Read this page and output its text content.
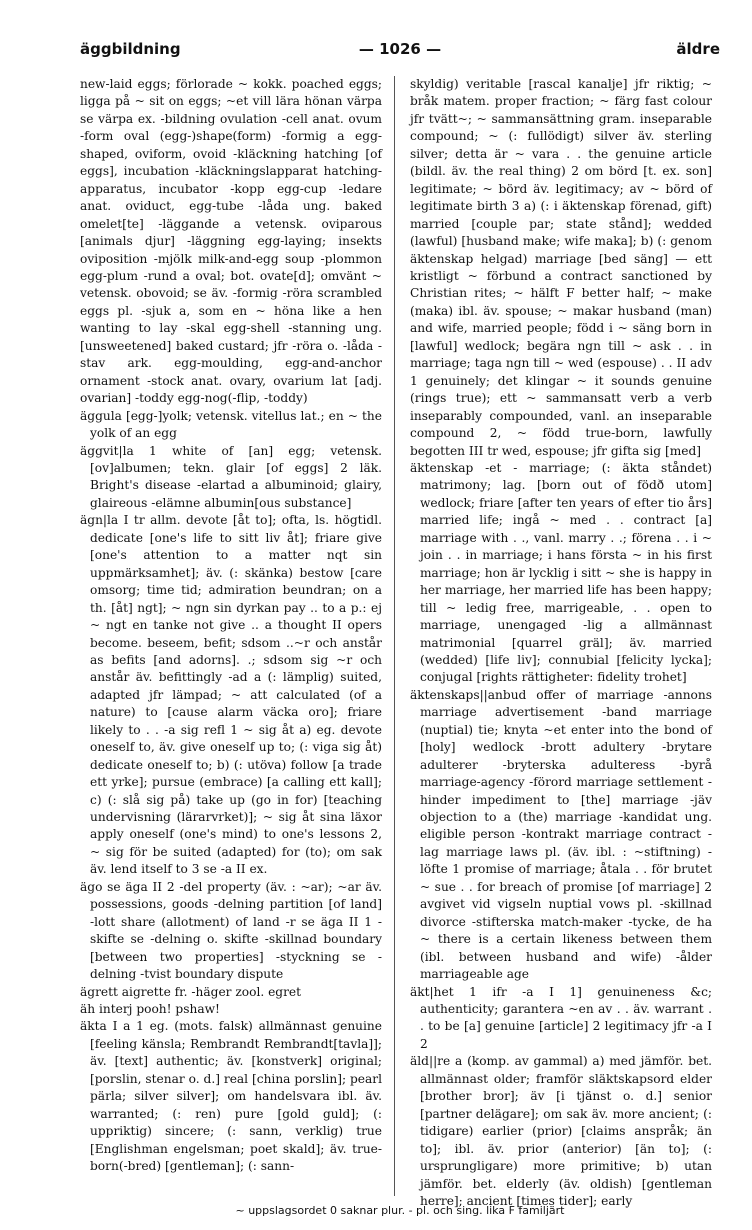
äggbildning	— 1026 —	äldre

new-laid eggs; förlorade ~ kokk. poached eggs; ligga på ~ sit on eggs; ~et vill lära hönan värpa se värpa ex. -bildning ovulation -cell anat. ovum -form oval (egg-)shape(form) -formig a egg-shaped, oviform, ovoid -kläckning hatching [of eggs], incubation -kläckningslapparat hatching-apparatus, incubator -kopp egg-cup -ledare anat. oviduct, egg-tube -låda ung. baked omelet[te] -läggande a vetensk. oviparous [animals djur] -läggning egg-laying; insekts oviposition -mjölk milk-and-egg soup -plommon egg-plum -rund a oval; bot. ovate[d]; omvänt ~ vetensk. obovoid; se äv. -formig -röra scrambled eggs pl. -sjuk a, som en ~ höna like a hen wanting to lay -skal egg-shell -stanning ung. [unsweetened] baked custard; jfr -röra o. -låda -stav ark. egg-moulding, egg-and-anchor ornament -stock anat. ovary, ovarium lat [adj. ovarian] -toddy egg-nog(-flip, -toddy)

äggula [egg-]yolk; vetensk. vitellus lat.; en ~ the yolk of an egg

äggvit|la 1 white of [an] egg; vetensk. [ov]albumen; tekn. glair [of eggs] 2 läk. Bright's disease -elartad a albuminoid; glairy, glaireous -elämne albumin[ous substance]

ägn|la I tr allm. devote [åt to]; ofta, ls. högtidl. dedicate [one's life to sitt liv åt]; friare give [one's attention to a matter nqt sin uppmärksamhet]; äv. (: skänka) bestow [care omsorg; time tid; admiration beundran; on a th. [åt] ngt]; ~ ngn sin dyrkan pay .. to a p.: ej ~ ngt en tanke not give .. a thought II opers become. beseem, befit; sdsom ..~r och anstår as befits [and adorns]. .; sdsom sig ~r och anstår äv. befittingly -ad a (: lämplig) suited, adapted jfr lämpad; ~ att calculated (of a nature) to [cause alarm väcka oro]; friare likely to . . -a sig refl 1 ~ sig åt a) eg. devote oneself to, äv. give oneself up to; (: viga sig åt) dedicate oneself to; b) (: utöva) follow [a trade ett yrke]; pursue (embrace) [a calling ett kall]; c) (: slå sig på) take up (go in for) [teaching undervisning (lärarvrket)]; ~ sig åt sina läxor apply oneself (one's mind) to one's lessons 2, ~ sig för be suited (adapted) for (to); om sak äv. lend itself to 3 se -a II ex.

ägo se äga II 2 -del property (äv. : ~ar); ~ar äv. possessions, goods -delning partition [of land] -lott share (allotment) of land -r se äga II 1 -skifte se -delning o. skifte -skillnad boundary [between two properties] -styckning se -delning -tvist boundary dispute

ägrett aigrette fr. -häger zool. egret

äh interj pooh! pshaw!

äkta I a 1 eg. (mots. falsk) allmännast genuine [feeling känsla; Rembrandt Rembrandt[tavla]]; äv. [text] authentic; äv. [konstverk] original; [porslin, stenar o. d.] real [china porslin]; pearl pärla; silver silver]; om handelsvara ibl. äv. warranted; (: ren) pure [gold guld]; (: uppriktig) sincere; (: sann, verklig) true [Englishman engelsman; poet skald]; äv. true-born(-bred) [gentleman]; (: sann-

skyldig) veritable [rascal kanalje] jfr riktig; ~ bråk matem. proper fraction; ~ färg fast colour jfr tvätt~; ~ sammansättning gram. inseparable compound; ~ (: fullödigt) silver äv. sterling silver; detta är ~ vara . . the genuine article (bildl. äv. the real thing) 2 om börd [t. ex. son] legitimate; ~ börd äv. legitimacy; av ~ börd of legitimate birth 3 a) (: i äktenskap förenad, gift) married [couple par; state stånd]; wedded (lawful) [husband make; wife maka]; b) (: genom äktenskap helgad) marriage [bed säng] — ett kristligt ~ förbund a contract sanctioned by Christian rites; ~ hälft F better half; ~ make (maka) ibl. äv. spouse; ~ makar husband (man) and wife, married people; född i ~ säng born in [lawful] wedlock; begära ngn till ~ ask . . in marriage; taga ngn till ~ wed (espouse) . . II adv 1 genuinely; det klingar ~ it sounds genuine (rings true); ett ~ sammansatt verb a verb inseparably compounded, vanl. an inseparable compound 2, ~ född true-born, lawfully begotten III tr wed, espouse; jfr gifta sig [med]

äktenskap -et - marriage; (: äkta ståndet) matrimony; lag. [born out of födð utom] wedlock; friare [after ten years of efter tio års] married life; ingå ~ med . . contract [a] marriage with . ., vanl. marry . .; förena . . i ~ join . . in marriage; i hans första ~ in his first marriage; hon är lycklig i sitt ~ she is happy in her marriage, her married life has been happy; till ~ ledig free, marrigeable, . . open to marriage, unengaged -lig a allmännast matrimonial [quarrel gräl]; äv. married (wedded) [life liv]; connubial [felicity lycka]; conjugal [rights rättigheter: fidelity trohet]

äktenskaps||anbud offer of marriage -annons marriage advertisement -band marriage (nuptial) tie; knyta ~et enter into the bond of [holy] wedlock -brott adultery -brytare adulterer -bryterska adulteress -byrå marriage-agency -förord marriage settlement -hinder impediment to [the] marriage -jäv objection to a (the) marriage -kandidat ung. eligible person -kontrakt marriage contract -lag marriage laws pl. (äv. ibl. : ~stiftning) -löfte 1 promise of marriage; åtala . . för brutet ~ sue . . for breach of promise [of marriage] 2 avgivet vid vigseln nuptial vows pl. -skillnad divorce -stifterska match-maker -tycke, de ha ~ there is a certain likeness between them (ibl. between husband and wife) -ålder marriageable age

äkt|het 1 ifr -a I 1] genuineness &c; authenticity; garantera ~en av . . äv. warrant . . to be [a] genuine [article] 2 legitimacy jfr -a I 2

äld||re a (komp. av gammal) a) med jämför. bet. allmännast older; framför släktskapsord elder [brother bror]; äv [i tjänst o. d.] senior [partner delägare]; om sak äv. more ancient; (: tidigare) earlier (prior) [claims anspråk; än to]; ibl. äv. prior (anterior) [än to]; (: ursprungligare) more primitive; b) utan jämför. bet. elderly (äv. oldish) [gentleman herre]; ancient [times tider]; early

~ uppslagsordet 0 saknar plur. - pl. och sing. lika F familjärt
